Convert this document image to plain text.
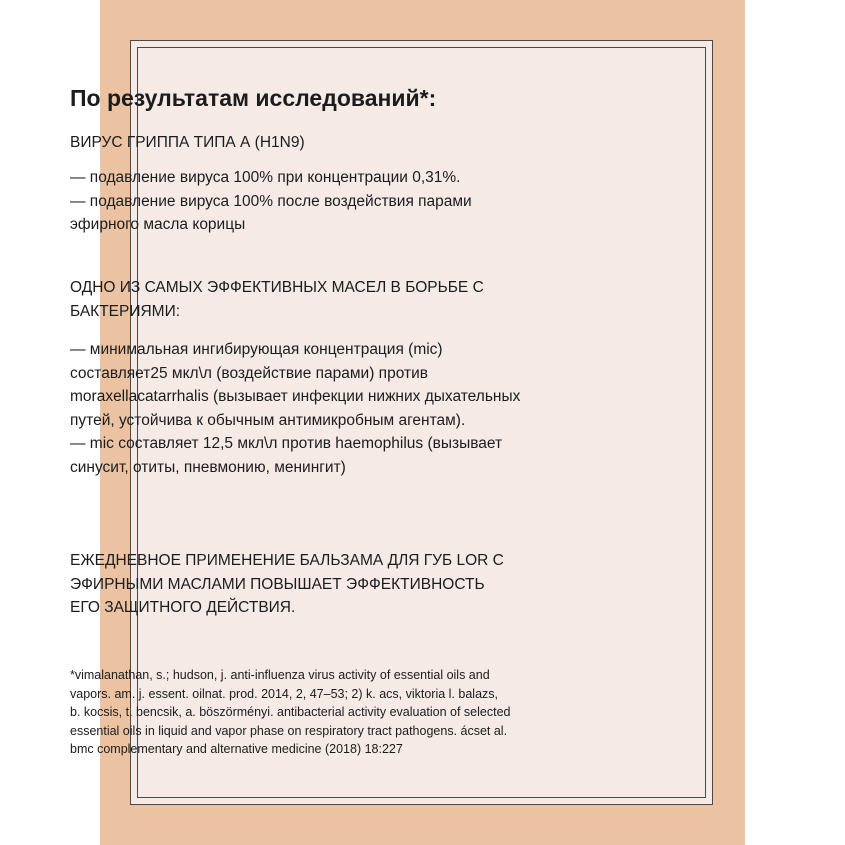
По результатам исследований*:
ВИРУС ГРИППА ТИПА А (H1N9)
— подавление вируса 100% при концентрации 0,31%.
— подавление вируса 100% после воздействия парами
эфирного масла корицы
ОДНО ИЗ САМЫХ ЭФФЕКТИВНЫХ МАСЕЛ В БОРЬБЕ С
БАКТЕРИЯМИ:
— минимальная ингибирующая концентрация (mic)
составляет25 мкл\л (воздействие парами) против
moraxellacatarrhalis (вызывает инфекции нижних дыхательных
путей, устойчива к обычным антимикробным агентам).
— mic составляет 12,5 мкл\л против haemophilus (вызывает
синусит, отиты, пневмонию, менингит)
ЕЖЕДНЕВНОЕ ПРИМЕНЕНИЕ БАЛЬЗАМА ДЛЯ ГУБ LOR С
ЭФИРНЫМИ МАСЛАМИ ПОВЫШАЕТ ЭФФЕКТИВНОСТЬ
ЕГО ЗАЩИТНОГО ДЕЙСТВИЯ.
*vimalanathan, s.; hudson, j. anti-influenza virus activity of essential oils and
vapors. am. j. essent. oilnat. prod. 2014, 2, 47–53; 2) k. acs, viktoria l. balazs,
b. kocsis, t. bencsik, a. böszörményi. antibacterial activity evaluation of selected
essential oils in liquid and vapor phase on respiratory tract pathogens. ácset al.
bmc complementary and alternative medicine (2018) 18:227
